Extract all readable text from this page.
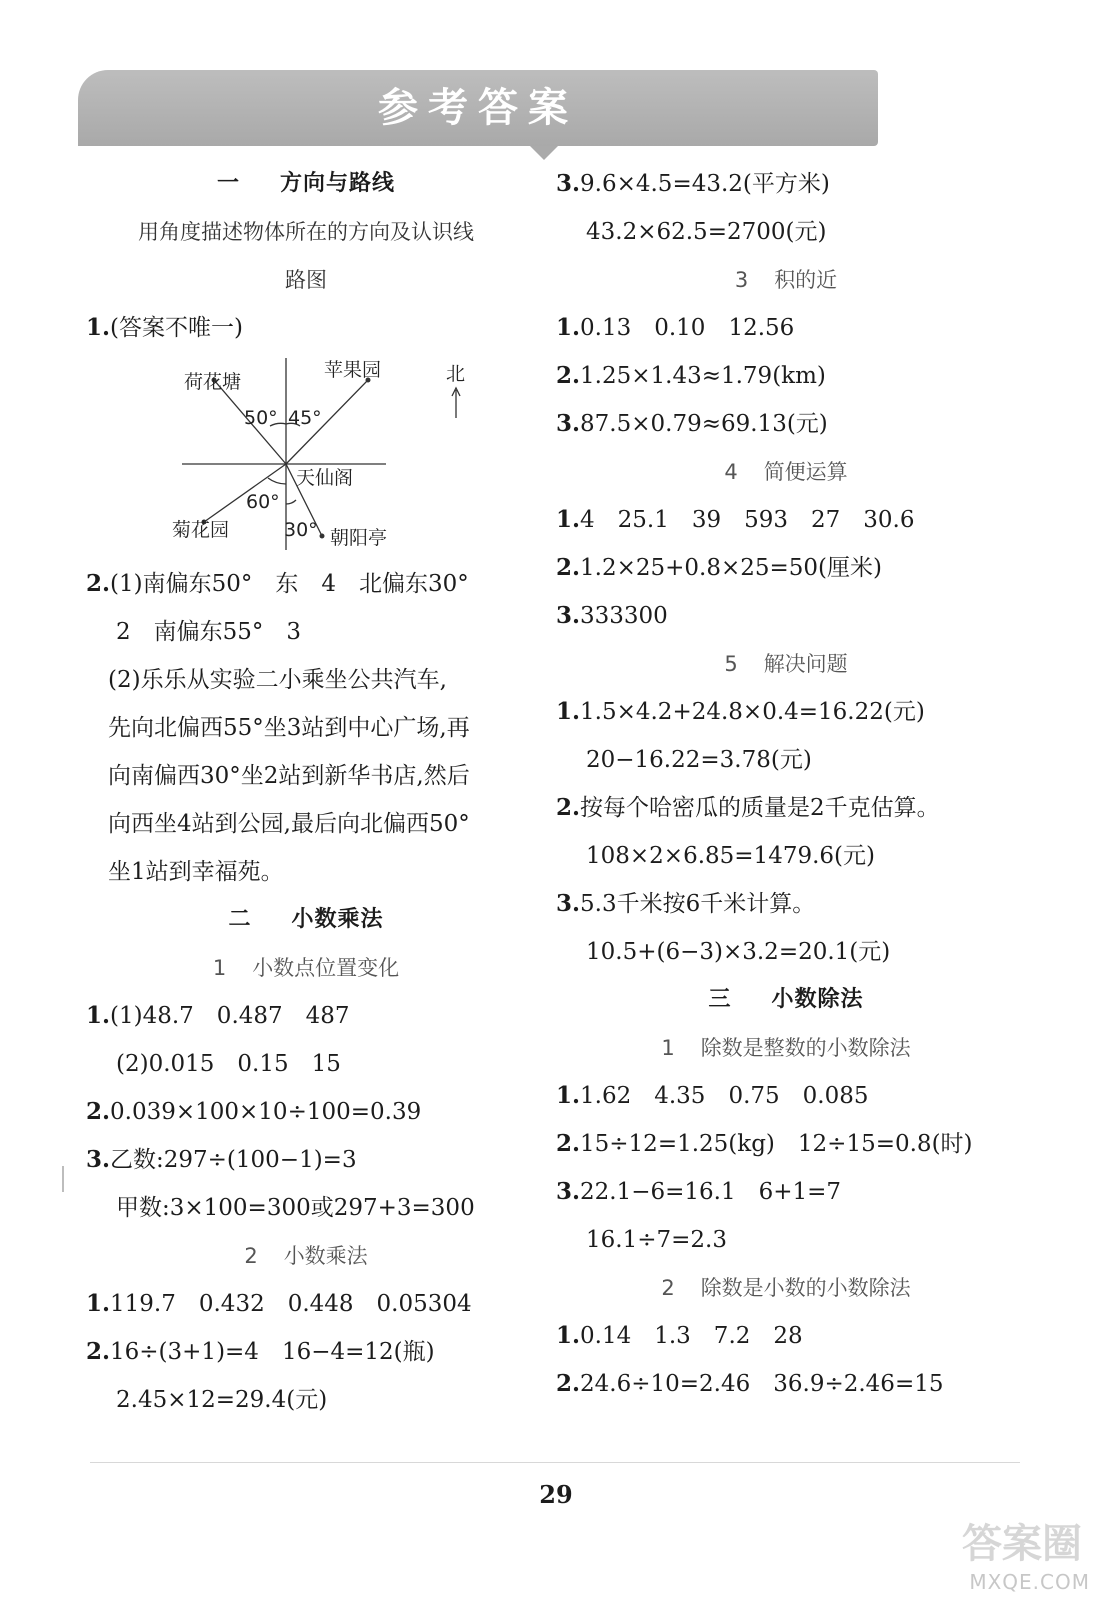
参考答案
一 方向与路线
用角度描述物体所在的方向及认识线
路图
1.(答案不唯一)
荷花塘
苹果园
天仙阁
菊花园	朝阳亭
北
50° 45°
60°
30°
2.(1)南偏东50°　东　4　北偏东30°
2　南偏东55°　3
(2)乐乐从实验二小乘坐公共汽车,
先向北偏西55°坐3站到中心广场,再
向南偏西30°坐2站到新华书店,然后
向西坐4站到公园,最后向北偏西50°
坐1站到幸福苑。
二 小数乘法
1 小数点位置变化
1.(1)48.7　0.487　487
(2)0.015　0.15　15
2.0.039×100×10÷100=0.39
3.乙数:297÷(100−1)=3
甲数:3×100=300或297+3=300
2 小数乘法
1.119.7　0.432　0.448　0.05304
2.16÷(3+1)=4　16−4=12(瓶)
2.45×12=29.4(元)
3.9.6×4.5=43.2(平方米)
43.2×62.5=2700(元)
3 积的近
1.0.13　0.10　12.56
2.1.25×1.43≈1.79(km)
3.87.5×0.79≈69.13(元)
4 简便运算
1.4　25.1　39　593　27　30.6
2.1.2×25+0.8×25=50(厘米)
3.333300
5 解决问题
1.1.5×4.2+24.8×0.4=16.22(元)
20−16.22=3.78(元)
2.按每个哈密瓜的质量是2千克估算。
108×2×6.85=1479.6(元)
3.5.3千米按6千米计算。
10.5+(6−3)×3.2=20.1(元)
三 小数除法
1 除数是整数的小数除法
1.1.62　4.35　0.75　0.085
2.15÷12=1.25(kg)　12÷15=0.8(时)
3.22.1−6=16.1　6+1=7
16.1÷7=2.3
2 除数是小数的小数除法
1.0.14　1.3　7.2　28
2.24.6÷10=2.46　36.9÷2.46=15
29
答案圈
MXQE.COM
